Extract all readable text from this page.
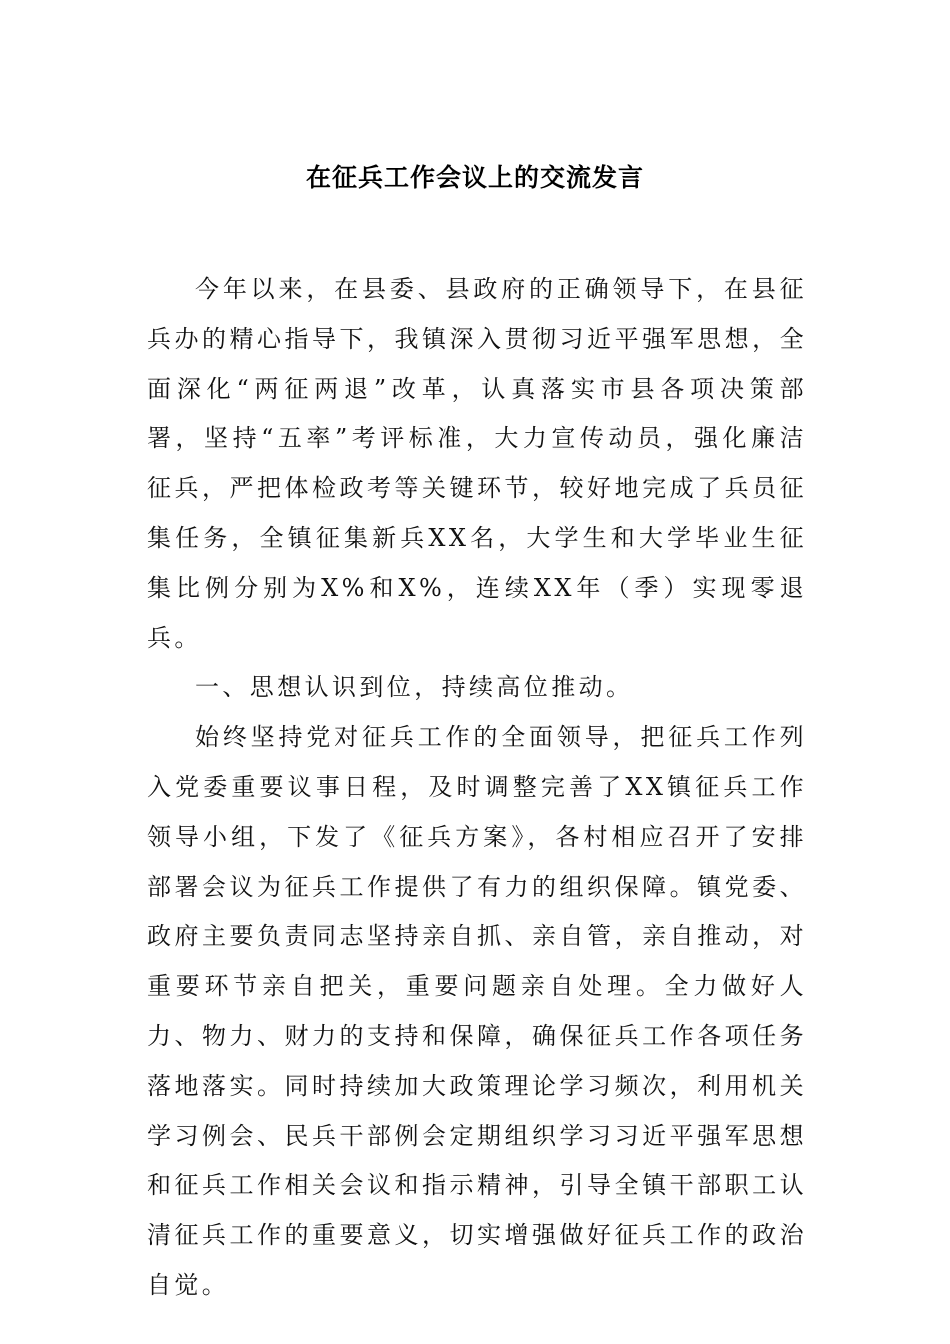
在征兵工作会议上的交流发言

今年以来，在县委、县政府的正确领导下，在县征兵办的精心指导下，我镇深入贯彻习近平强军思想，全面深化“两征两退”改革，认真落实市县各项决策部署，坚持“五率”考评标准，大力宣传动员，强化廉洁征兵，严把体检政考等关键环节，较好地完成了兵员征集任务，全镇征集新兵XX名，大学生和大学毕业生征集比例分别为X%和X%，连续XX年（季）实现零退兵。

一、思想认识到位，持续高位推动。

始终坚持党对征兵工作的全面领导，把征兵工作列入党委重要议事日程，及时调整完善了XX镇征兵工作领导小组，下发了《征兵方案》，各村相应召开了安排部署会议为征兵工作提供了有力的组织保障。镇党委、政府主要负责同志坚持亲自抓、亲自管，亲自推动，对重要环节亲自把关，重要问题亲自处理。全力做好人力、物力、财力的支持和保障，确保征兵工作各项任务落地落实。同时持续加大政策理论学习频次，利用机关学习例会、民兵干部例会定期组织学习习近平强军思想和征兵工作相关会议和指示精神，引导全镇干部职工认清征兵工作的重要意义，切实增强做好征兵工作的政治自觉。
